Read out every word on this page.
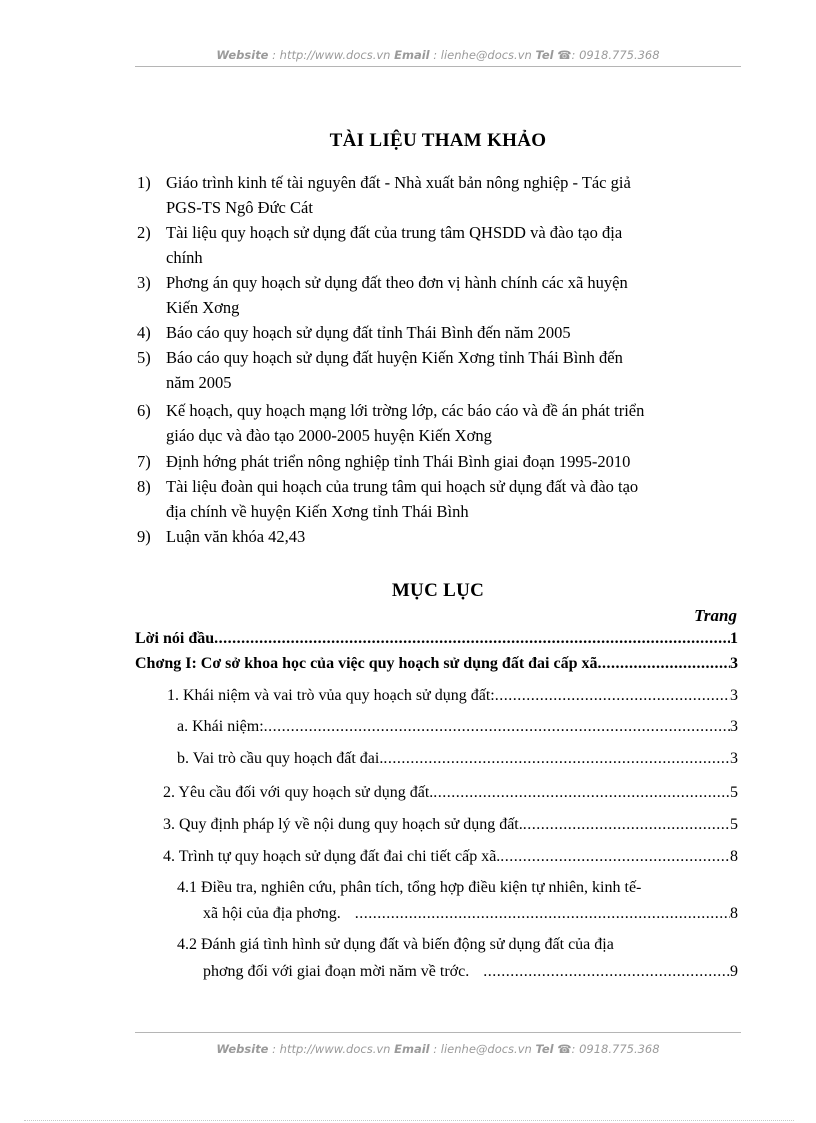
Website : http://www.docs.vn Email : lienhe@docs.vn Tel ☎: 0918.775.368
TÀI LIỆU THAM KHẢO
1) Giáo trình kinh tế tài nguyên đất - Nhà xuất bản nông nghiệp - Tác giả
PGS-TS Ngô Đức Cát
2) Tài liệu quy hoạch sử dụng đất của trung tâm QHSDD và đào tạo địa
chính
3) Phơng án quy hoạch sử dụng đất theo đơn vị hành chính các xã huyện
Kiến Xơng
4) Báo cáo quy hoạch sử dụng đất tỉnh Thái Bình đến năm 2005
5) Báo cáo quy hoạch sử dụng đất huyện Kiến Xơng tỉnh Thái Bình đến
năm 2005
6) Kế hoạch, quy hoạch mạng lới trờng lớp, các báo cáo và đề án phát triển
giáo dục và đào tạo 2000-2005 huyện Kiến Xơng
7) Định hớng phát triển nông nghiệp tỉnh Thái Bình giai đoạn 1995-2010
8) Tài liệu đoàn qui hoạch của trung tâm qui hoạch sử dụng đất và đào tạo
địa chính về huyện Kiến Xơng tỉnh Thái Bình
9) Luận văn khóa 42,43
MỤC LỤC
Trang
Lời nói đầu .....	1
Chơng I: Cơ sở khoa học của việc quy hoạch sử dụng đất đai cấp xã .....	3
1. Khái niệm và vai trò vủa quy hoạch sử dụng đất: .....	3
a. Khái niệm: .....	3
b. Vai trò cầu quy hoạch đất đai. .....	3
2. Yêu cầu đối với quy hoạch sử dụng đất. .....	5
3. Quy định pháp lý về nội dung quy hoạch sử dụng đất. .....	5
4. Trình tự quy hoạch sử dụng đất đai chi tiết cấp xã. .....	8
4.1 Điều tra, nghiên cứu, phân tích, tổng hợp điều kiện tự nhiên, kinh tế-
xã hội của địa phơng. .....	8
4.2 Đánh giá tình hình sử dụng đất và biến động sử dụng đất của địa
phơng đối với giai đoạn mời năm về trớc. .....	9
Website : http://www.docs.vn Email : lienhe@docs.vn Tel ☎: 0918.775.368
